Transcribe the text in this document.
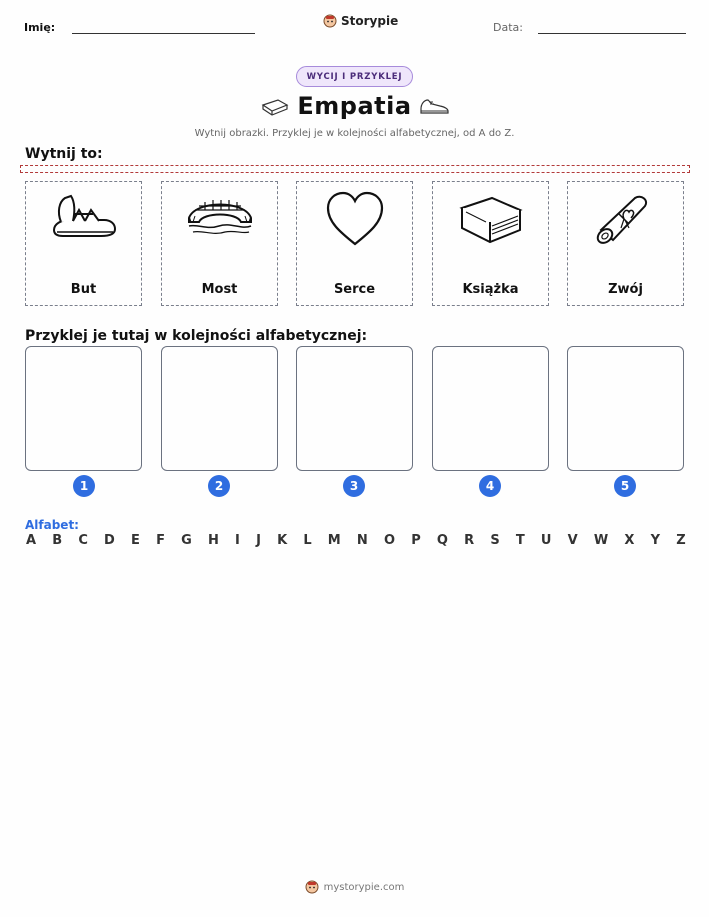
Imię:	Storypie	Data:
WYCIJ I PRZYKLEJ
Empatia
Wytnij obrazki. Przyklej je w kolejności alfabetycznej, od A do Z.
Wytnij to:
But	Most	Serce	Książka	Zwój
Przyklej je tutaj w kolejności alfabetycznej:
1	2	3	4	5
Alfabet:
A B C D E F G H I J K L M N O P Q R S T U V W X Y Z
mystorypie.com
